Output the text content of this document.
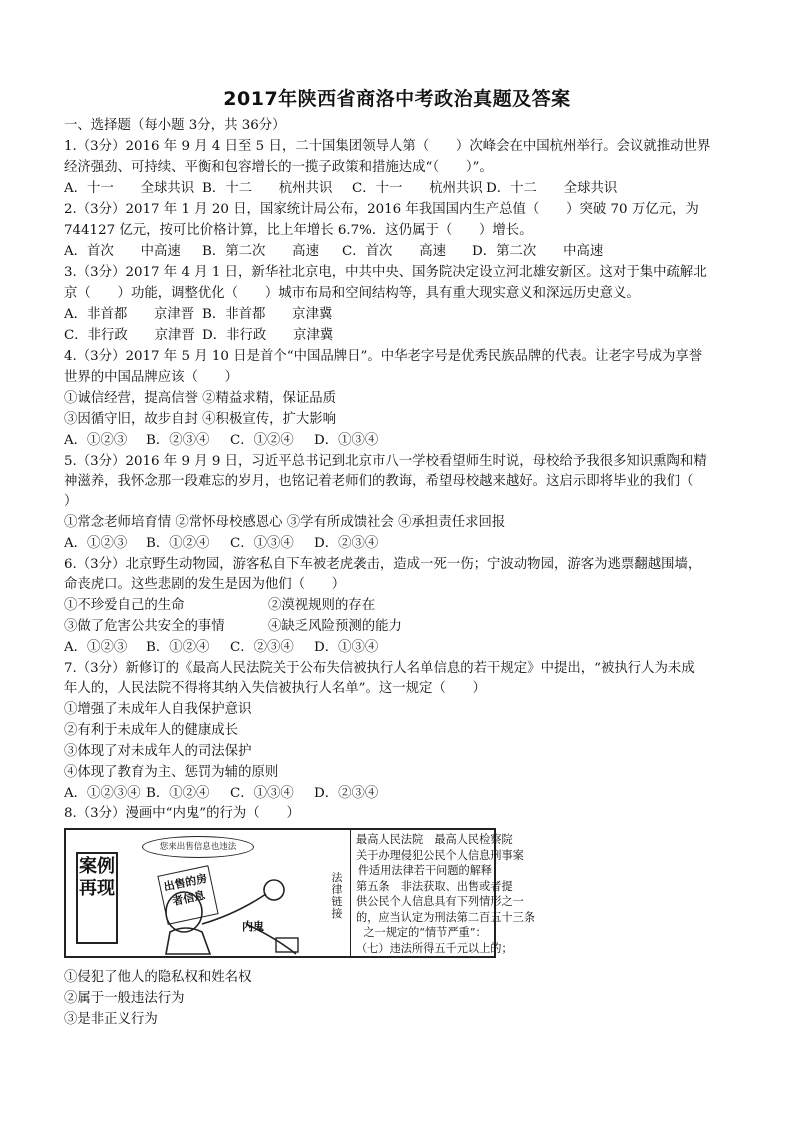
2017年陕西省商洛中考政治真题及答案
一、选择题（每小题 3分，共 36分）
1.（3分）2016 年 9 月 4 日至 5 日，二十国集团领导人第（　　）次峰会在中国杭州举行。会议就推动世界
经济强劲、可持续、平衡和包容增长的一揽子政策和措施达成“（　　）”。
A．十一　　全球共识 B．十二　　杭州共识 C．十一　　杭州共识 D．十二　　全球共识
2.（3分）2017 年 1 月 20 日，国家统计局公布，2016 年我国国内生产总值（　　）突破 70 万亿元，为
744127 亿元，按可比价格计算，比上年增长 6.7%．这仍属于（　　）增长。
A．首次　　中高速 B．第二次　　高速 C．首次　　高速 D．第二次　　中高速
3.（3分）2017 年 4 月 1 日，新华社北京电，中共中央、国务院决定设立河北雄安新区。这对于集中疏解北
京（　　）功能，调整优化（　　）城市布局和空间结构等，具有重大现实意义和深远历史意义。
A．非首都　　京津晋 B．非首都　　京津冀
C．非行政　　京津晋 D．非行政　　京津冀
4.（3分）2017 年 5 月 10 日是首个“中国品牌日”。中华老字号是优秀民族品牌的代表。让老字号成为享誉
世界的中国品牌应该（　　）
①诚信经营，提高信誉 ②精益求精，保证品质
③因循守旧，故步自封 ④积极宣传，扩大影响
A．①②③ B．②③④ C．①②④ D．①③④
5.（3分）2016 年 9 月 9 日，习近平总书记到北京市八一学校看望师生时说，母校给予我很多知识熏陶和精
神滋养，我怀念那一段难忘的岁月，也铭记着老师们的教诲，希望母校越来越好。这启示即将毕业的我们（
）
①常念老师培育情 ②常怀母校感恩心 ③学有所成馈社会 ④承担责任求回报
A．①②③ B．①②④ C．①③④ D．②③④
6.（3分）北京野生动物园，游客私自下车被老虎袭击，造成一死一伤；宁波动物园，游客为逃票翻越围墙，
命丧虎口。这些悲剧的发生是因为他们（　　）
①不珍爱自己的生命	②漠视规则的存在
③做了危害公共安全的事情	④缺乏风险预测的能力
A．①②③ B．①②④ C．②③④ D．①③④
7.（3分）新修订的《最高人民法院关于公布失信被执行人名单信息的若干规定》中提出，“被执行人为未成
年人的，人民法院不得将其纳入失信被执行人名单”。这一规定（　　）
①增强了未成年人自我保护意识
②有利于未成年人的健康成长
③体现了对未成年人的司法保护
④体现了教育为主、惩罚为辅的原则
A．①②③④ B．①②④ C．①③④ D．②③④
8.（3分）漫画中“内鬼”的行为（　　）
案例再现
您来出售信息也违法
出售的房者信息
内鬼
法律链接
最高人民法院　最高人民检察院
关于办理侵犯公民个人信息刑事案
件适用法律若干问题的解释
第五条　非法获取、出售或者提
供公民个人信息具有下列情形之一
的，应当认定为刑法第二百五十三条
之一规定的“情节严重”：
（七）违法所得五千元以上的；
①侵犯了他人的隐私权和姓名权
②属于一般违法行为
③是非正义行为
